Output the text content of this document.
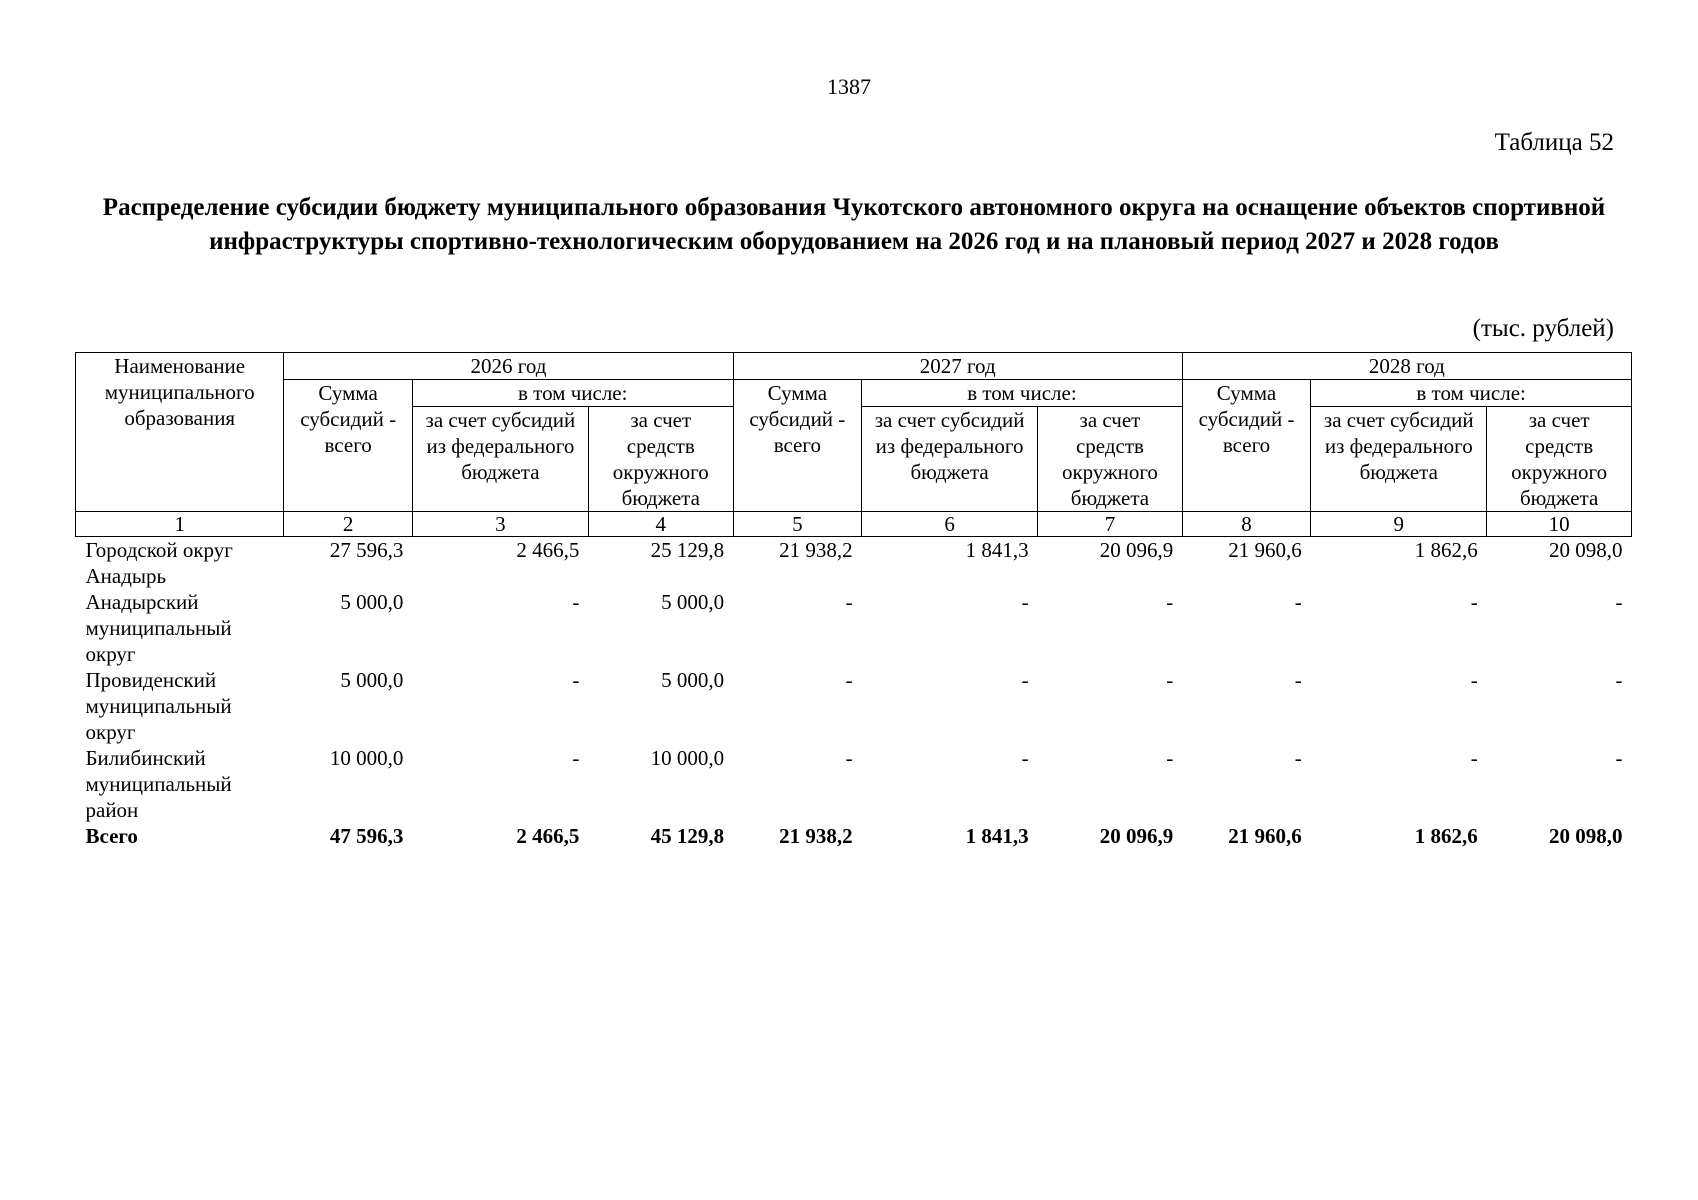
1387
Таблица 52
Распределение субсидии бюджету муниципального образования Чукотского автономного округа на оснащение объектов спортивной инфраструктуры спортивно-технологическим оборудованием на 2026 год и на плановый период 2027 и 2028 годов
(тыс. рублей)
Наименование муниципального образования	2026 год			2027 год			2028 год		
	Сумма субсидий - всего	в том числе:		Сумма субсидий - всего	в том числе:		Сумма субсидий - всего	в том числе:	
		за счет субсидий из федерального бюджета	за счет средств окружного бюджета		за счет субсидий из федерального бюджета	за счет средств окружного бюджета		за счет субсидий из федерального бюджета	за счет средств окружного бюджета
1	2	3	4	5	6	7	8	9	10
Городской округ Анадырь	27 596,3	2 466,5	25 129,8	21 938,2	1 841,3	20 096,9	21 960,6	1 862,6	20 098,0
Анадырский муниципальный округ	5 000,0	-	5 000,0	-	-	-	-	-	-
Провиденский муниципальный округ	5 000,0	-	5 000,0	-	-	-	-	-	-
Билибинский муниципальный район	10 000,0	-	10 000,0	-	-	-	-	-	-
Всего	47 596,3	2 466,5	45 129,8	21 938,2	1 841,3	20 096,9	21 960,6	1 862,6	20 098,0
